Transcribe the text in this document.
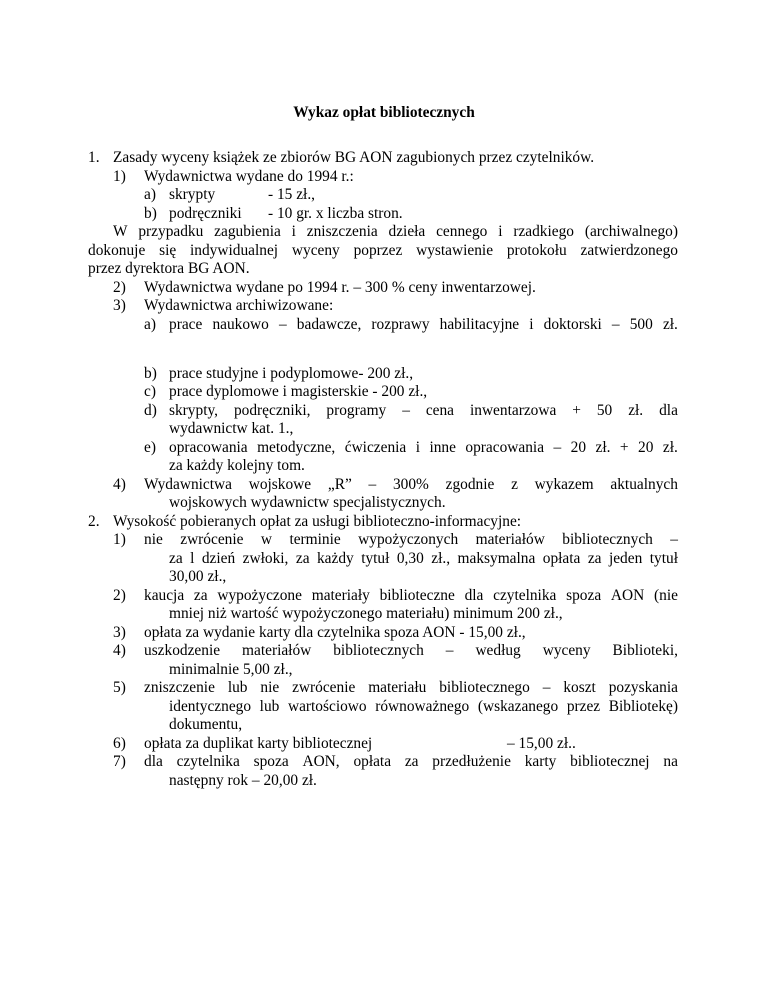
Wykaz opłat bibliotecznych
1. Zasady wyceny książek ze zbiorów BG AON zagubionych przez czytelników.
1) Wydawnictwa wydane do 1994 r.:
a) skrypty	- 15 zł.,
b) podręczniki - 10 gr. x liczba stron.
W przypadku zagubienia i zniszczenia dzieła cennego i rzadkiego (archiwalnego)
dokonuje się indywidualnej wyceny poprzez wystawienie protokołu zatwierdzonego
przez dyrektora BG AON.
2) Wydawnictwa wydane po 1994 r. – 300 % ceny inwentarzowej.
3) Wydawnictwa archiwizowane:
a) prace naukowo – badawcze, rozprawy habilitacyjne i doktorski – 500 zł.
b) prace studyjne i podyplomowe- 200 zł.,
c) prace dyplomowe i magisterskie - 200 zł.,
d) skrypty, podręczniki, programy – cena inwentarzowa + 50 zł. dla
wydawnictw kat. 1.,
e) opracowania metodyczne, ćwiczenia i inne opracowania – 20 zł. + 20 zł.
za każdy kolejny tom.
4) Wydawnictwa wojskowe „R” – 300% zgodnie z wykazem aktualnych
wojskowych wydawnictw specjalistycznych.
2. Wysokość pobieranych opłat za usługi biblioteczno-informacyjne:
1) nie zwrócenie w terminie wypożyczonych materiałów bibliotecznych –
za l dzień zwłoki, za każdy tytuł 0,30 zł., maksymalna opłata za jeden tytuł
30,00 zł.,
2) kaucja za wypożyczone materiały biblioteczne dla czytelnika spoza AON (nie
mniej niż wartość wypożyczonego materiału) minimum 200 zł.,
3) opłata za wydanie karty dla czytelnika spoza AON - 15,00 zł.,
4) uszkodzenie materiałów bibliotecznych – według wyceny Biblioteki,
minimalnie 5,00 zł.,
5) zniszczenie lub nie zwrócenie materiału bibliotecznego – koszt pozyskania
identycznego lub wartościowo równoważnego (wskazanego przez Bibliotekę)
dokumentu,
6) opłata za duplikat karty bibliotecznej	– 15,00 zł..
7) dla czytelnika spoza AON, opłata za przedłużenie karty bibliotecznej na
następny rok – 20,00 zł.
